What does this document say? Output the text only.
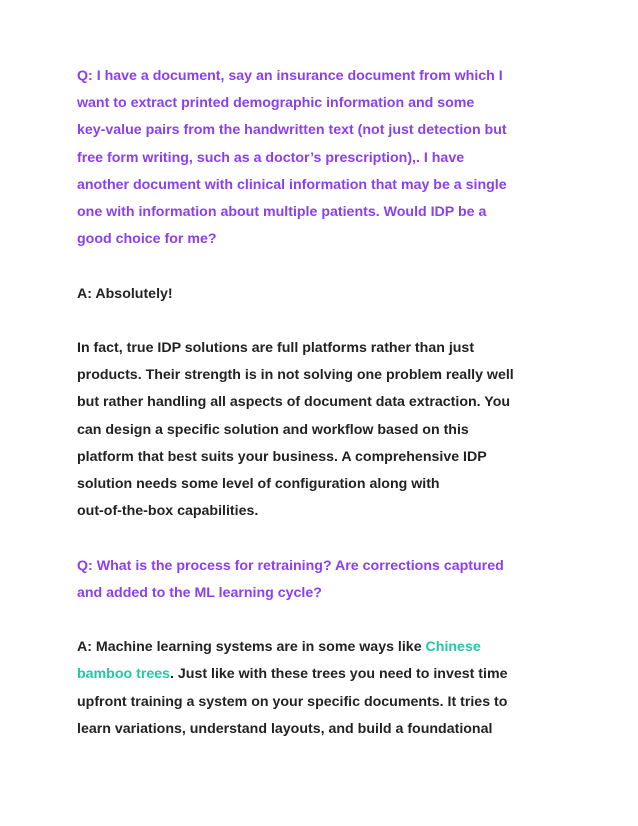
Q: I have a document, say an insurance document from which I
want to extract printed demographic information and some
key-value pairs from the handwritten text (not just detection but
free form writing, such as a doctor’s prescription),. I have
another document with clinical information that may be a single
one with information about multiple patients. Would IDP be a
good choice for me?
A: Absolutely!
In fact, true IDP solutions are full platforms rather than just
products. Their strength is in not solving one problem really well
but rather handling all aspects of document data extraction. You
can design a specific solution and workflow based on this
platform that best suits your business. A comprehensive IDP
solution needs some level of configuration along with
out-of-the-box capabilities.
Q: What is the process for retraining? Are corrections captured
and added to the ML learning cycle?
A: Machine learning systems are in some ways like Chinese
bamboo trees. Just like with these trees you need to invest time
upfront training a system on your specific documents. It tries to
learn variations, understand layouts, and build a foundational
